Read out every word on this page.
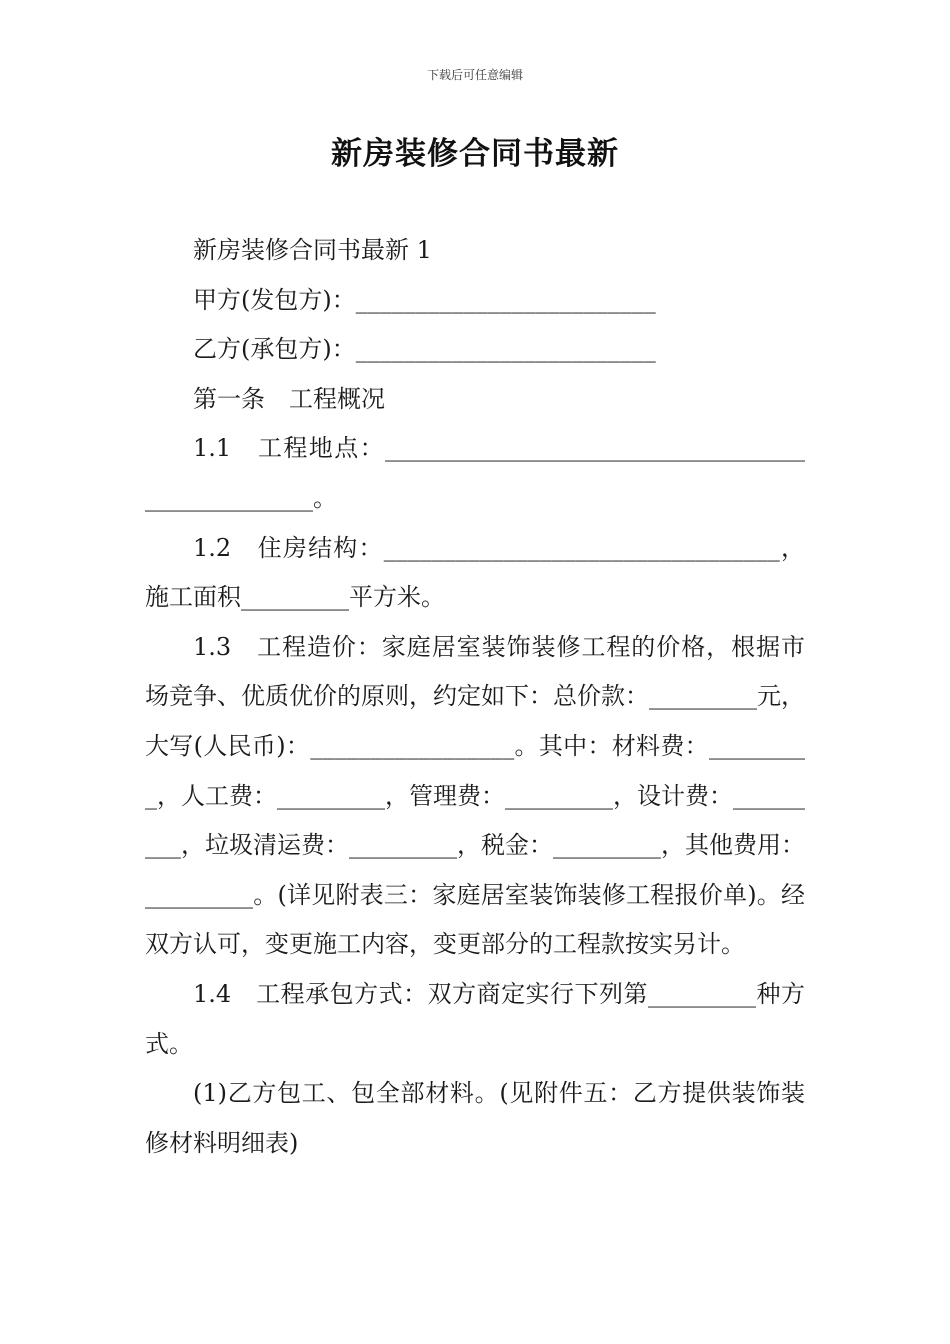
下载后可任意编辑
新房装修合同书最新

新房装修合同书最新 1

甲方(发包方)：_________________________

乙方(承包方)：_________________________

第一条　工程概况

1.1　工程地点：_________________________________________________。

1.2　住房结构：_________________________________，施工面积_________平方米。

1.3　工程造价：家庭居室装饰装修工程的价格，根据市场竞争、优质优价的原则，约定如下：总价款：_________元，大写(人民币)：_________________。其中：材料费：_________，人工费：_________，管理费：_________，设计费：_________，垃圾清运费：_________，税金：_________，其他费用：_________。(详见附表三：家庭居室装饰装修工程报价单)。经双方认可，变更施工内容，变更部分的工程款按实另计。

1.4　工程承包方式：双方商定实行下列第_________种方式。

(1)乙方包工、包全部材料。(见附件五：乙方提供装饰装修材料明细表)
